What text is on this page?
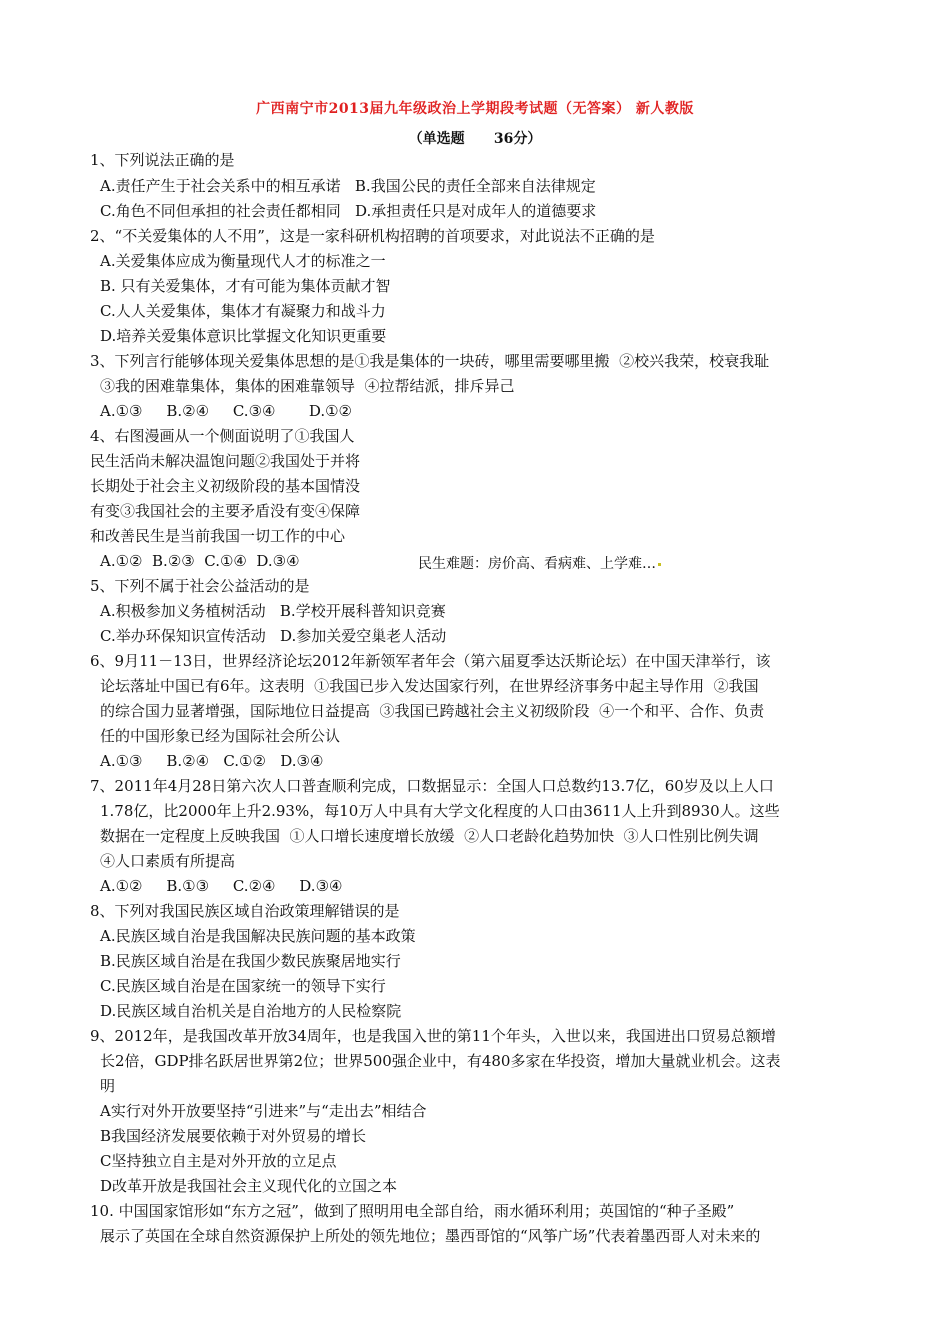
广西南宁市2013届九年级政治上学期段考试题（无答案） 新人教版
（单选题      36分）
1、下列说法正确的是
A.责任产生于社会关系中的相互承诺   B.我国公民的责任全部来自法律规定
C.角色不同但承担的社会责任都相同   D.承担责任只是对成年人的道德要求
2、“不关爱集体的人不用”，这是一家科研机构招聘的首项要求，对此说法不正确的是
A.关爱集体应成为衡量现代人才的标准之一
B. 只有关爱集体，才有可能为集体贡献才智
C.人人关爱集体，集体才有凝聚力和战斗力
D.培养关爱集体意识比掌握文化知识更重要
3、下列言行能够体现关爱集体思想的是①我是集体的一块砖，哪里需要哪里搬  ②校兴我荣，校衰我耻
③我的困难靠集体，集体的困难靠领导  ④拉帮结派，排斥异己
A.①③     B.②④     C.③④       D.①②
4、右图漫画从一个侧面说明了①我国人
民生活尚未解决温饱问题②我国处于并将
长期处于社会主义初级阶段的基本国情没
有变③我国社会的主要矛盾没有变④保障
和改善民生是当前我国一切工作的中心
A.①②  B.②③  C.①④  D.③④	民生难题：房价高、看病难、上学难…
5、下列不属于社会公益活动的是
A.积极参加义务植树活动   B.学校开展科普知识竞赛
C.举办环保知识宣传活动   D.参加关爱空巢老人活动
6、9月11－13日，世界经济论坛2012年新领军者年会（第六届夏季达沃斯论坛）在中国天津举行，该
论坛落址中国已有6年。这表明  ①我国已步入发达国家行列，在世界经济事务中起主导作用  ②我国
的综合国力显著增强，国际地位日益提高  ③我国已跨越社会主义初级阶段  ④一个和平、合作、负责
任的中国形象已经为国际社会所公认
A.①③     B.②④   C.①②   D.③④
7、2011年4月28日第六次人口普查顺利完成，口数据显示：全国人口总数约13.7亿，60岁及以上人口
1.78亿，比2000年上升2.93%，每10万人中具有大学文化程度的人口由3611人上升到8930人。这些
数据在一定程度上反映我国  ①人口增长速度增长放缓  ②人口老龄化趋势加快  ③人口性别比例失调
④人口素质有所提高
A.①②     B.①③     C.②④     D.③④
8、下列对我国民族区域自治政策理解错误的是
A.民族区域自治是我国解决民族问题的基本政策
B.民族区域自治是在我国少数民族聚居地实行
C.民族区域自治是在国家统一的领导下实行
D.民族区域自治机关是自治地方的人民检察院
9、2012年，是我国改革开放34周年，也是我国入世的第11个年头，入世以来，我国进出口贸易总额增
长2倍，GDP排名跃居世界第2位；世界500强企业中，有480多家在华投资，增加大量就业机会。这表
明
A实行对外开放要坚持“引进来”与“走出去”相结合
B我国经济发展要依赖于对外贸易的增长
C坚持独立自主是对外开放的立足点
D改革开放是我国社会主义现代化的立国之本
10. 中国国家馆形如“东方之冠”，做到了照明用电全部自给，雨水循环利用；英国馆的“种子圣殿”
展示了英国在全球自然资源保护上所处的领先地位；墨西哥馆的“风筝广场”代表着墨西哥人对未来的
